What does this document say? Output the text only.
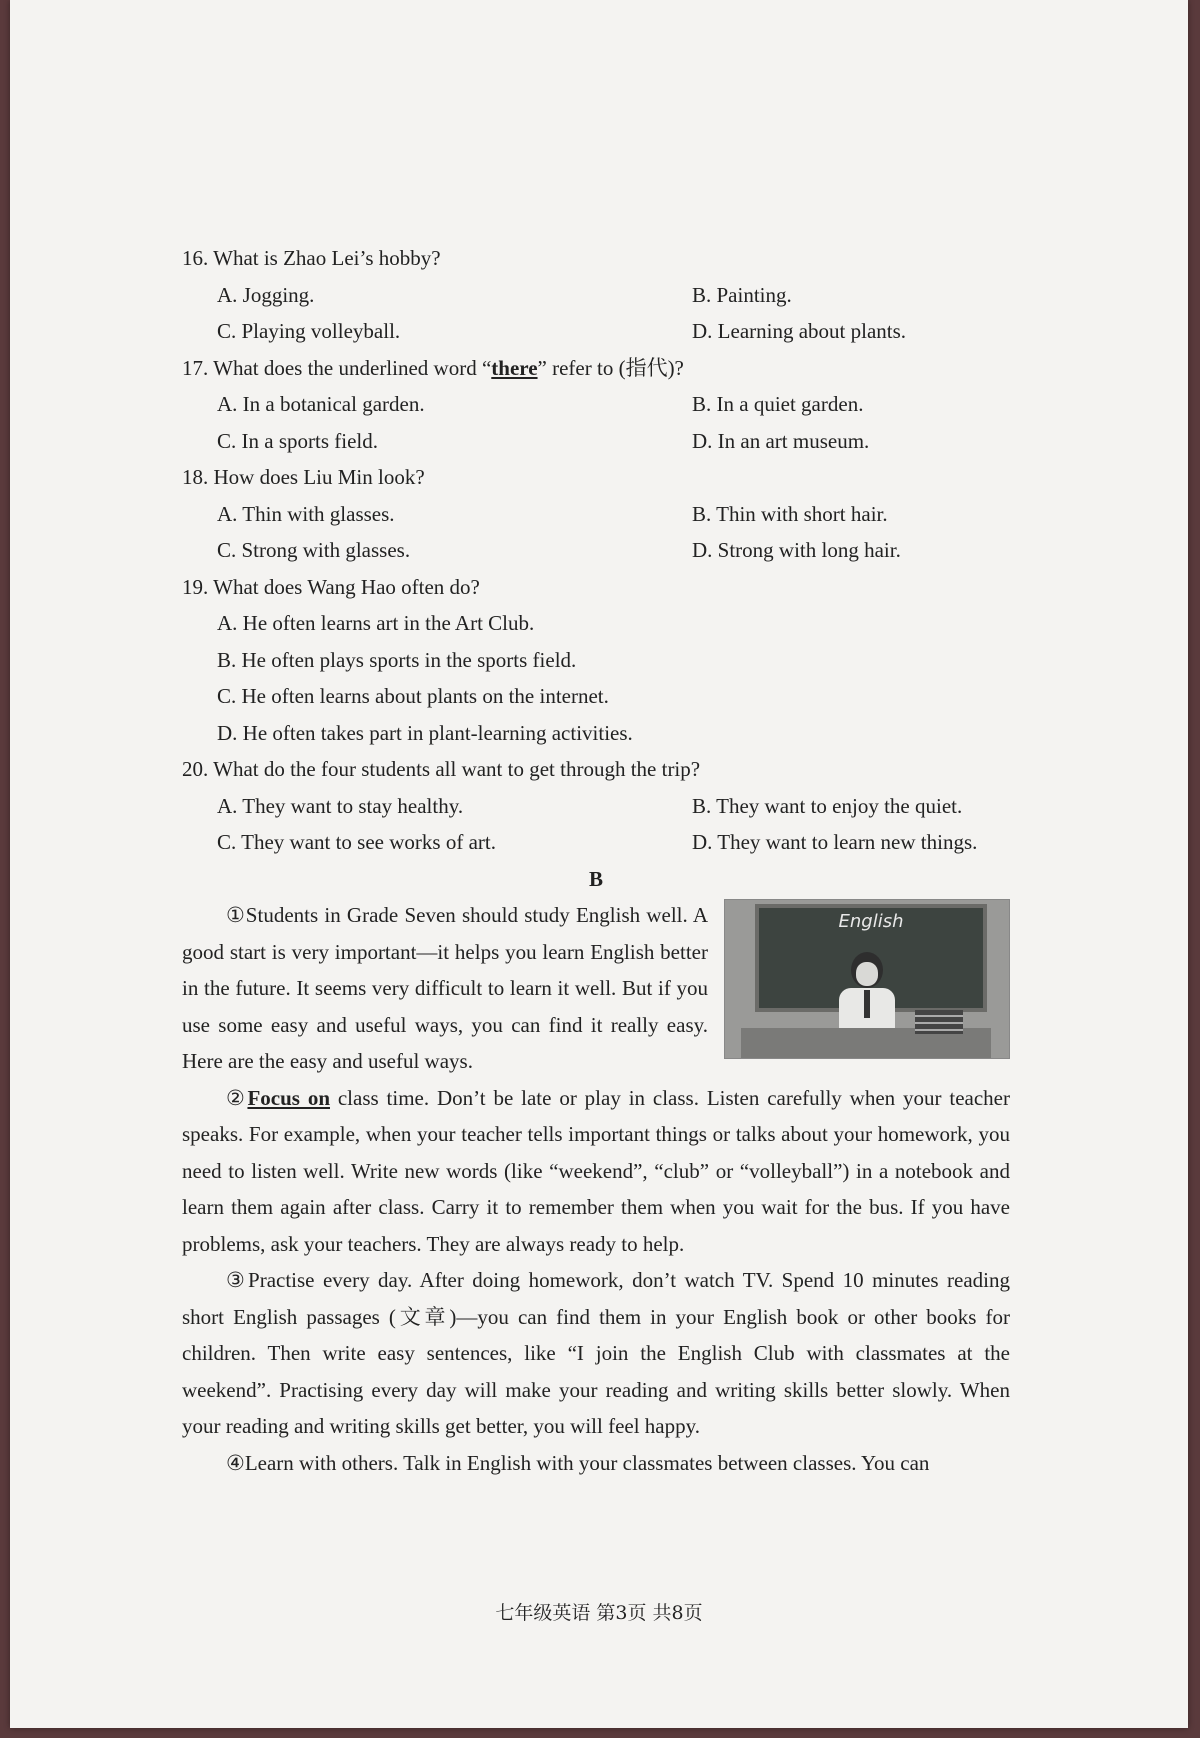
16. What is Zhao Lei’s hobby?

A. Jogging.	B. Painting.

C. Playing volleyball.	D. Learning about plants.

17. What does the underlined word “there” refer to (指代)?

A. In a botanical garden.	B. In a quiet garden.

C. In a sports field.	D. In an art museum.

18. How does Liu Min look?

A. Thin with glasses.	B. Thin with short hair.

C. Strong with glasses.	D. Strong with long hair.

19. What does Wang Hao often do?

A. He often learns art in the Art Club.

B. He often plays sports in the sports field.

C. He often learns about plants on the internet.

D. He often takes part in plant-learning activities.

20. What do the four students all want to get through the trip?

A. They want to stay healthy.	B. They want to enjoy the quiet.

C. They want to see works of art.	D. They want to learn new things.

B

English

①Students in Grade Seven should study English well. A good start is very important—it helps you learn English better in the future. It seems very difficult to learn it well. But if you use some easy and useful ways, you can find it really easy. Here are the easy and useful ways.

②Focus on class time. Don’t be late or play in class. Listen carefully when your teacher speaks. For example, when your teacher tells important things or talks about your homework, you need to listen well. Write new words (like “weekend”, “club” or “volleyball”) in a notebook and learn them again after class. Carry it to remember them when you wait for the bus. If you have problems, ask your teachers. They are always ready to help.

③Practise every day. After doing homework, don’t watch TV. Spend 10 minutes reading short English passages (文章)—you can find them in your English book or other books for children. Then write easy sentences, like “I join the English Club with classmates at the weekend”. Practising every day will make your reading and writing skills better slowly. When your reading and writing skills get better, you will feel happy.

④Learn with others. Talk in English with your classmates between classes. You can

七年级英语 第3页 共8页
